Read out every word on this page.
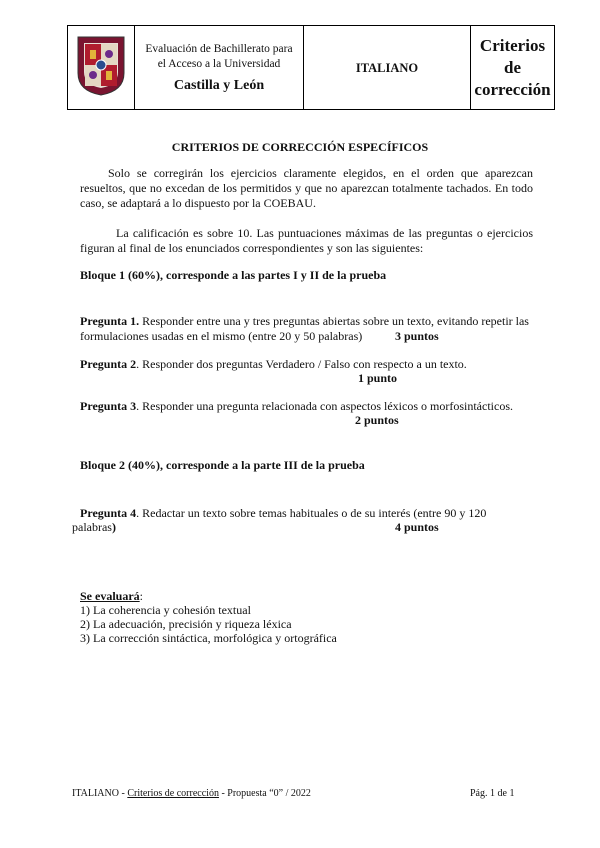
Evaluación de Bachillerato para
el Acceso a la Universidad
Castilla y León
	ITALIANO	
Criterios
de
corrección
CRITERIOS DE CORRECCIÓN ESPECÍFICOS

Solo se corregirán los ejercicios claramente elegidos, en el orden que aparezcan resueltos, que no excedan de los permitidos y que no aparezcan totalmente tachados. En todo caso, se adaptará a lo dispuesto por la COEBAU.

La calificación es sobre 10. Las puntuaciones máximas de las preguntas o ejercicios figuran al final de los enunciados correspondientes y son las siguientes:

Bloque 1 (60%), corresponde a las partes I y II de la prueba
Pregunta 1. Responder entre una y tres preguntas abiertas sobre un texto, evitando repetir las formulaciones usadas en el mismo (entre 20 y 50 palabras)	3 puntos
Pregunta 2. Responder dos preguntas Verdadero / Falso con respecto a un texto.
1 punto
Pregunta 3. Responder una pregunta relacionada con aspectos léxicos o morfosintácticos.
2 puntos
Bloque 2 (40%), corresponde a la parte III de la prueba
Pregunta 4. Redactar un texto sobre temas habituales o de su interés (entre 90 y 120
palabras)	4 puntos
Se evaluará:
1) La coherencia y cohesión textual
2) La adecuación, precisión y riqueza léxica
3) La corrección sintáctica, morfológica y ortográfica
ITALIANO - Criterios de corrección - Propuesta “0” / 2022	Pág. 1 de 1
